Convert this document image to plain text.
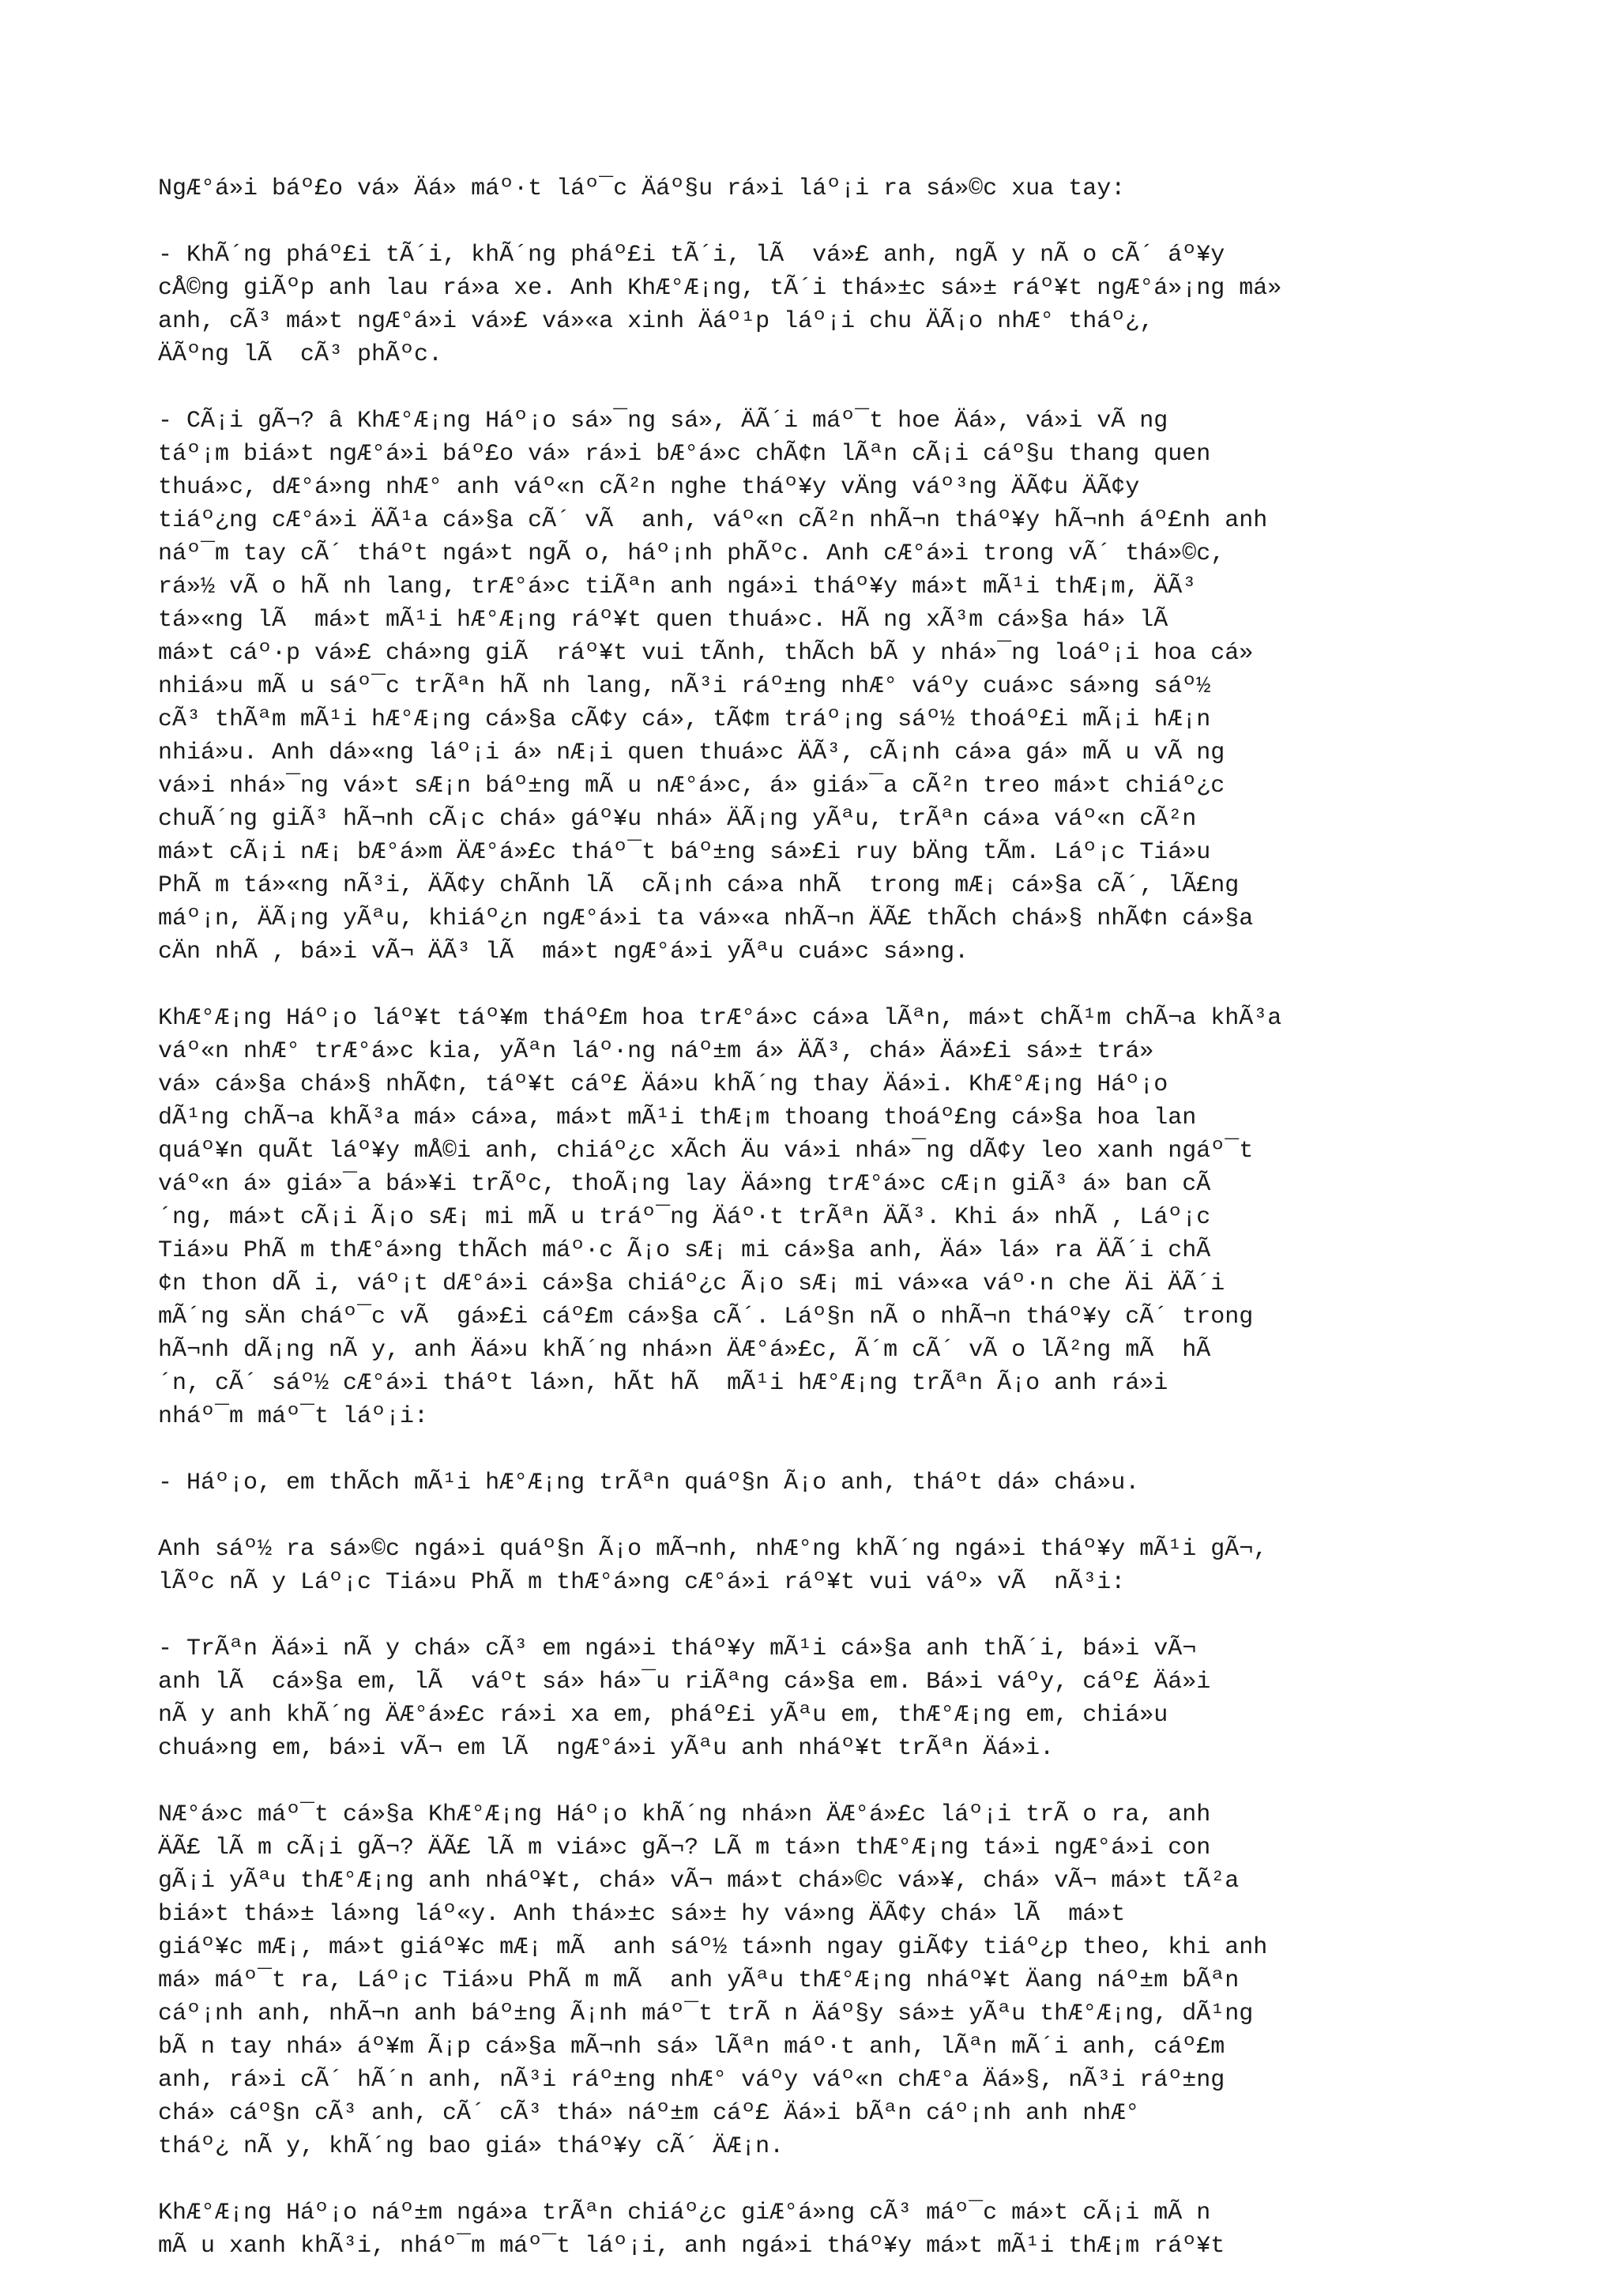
NgÆ°á»i báº£o vá» Äá» máº·t láº¯c Äáº§u rá»i láº¡i ra sá»©c xua tay:
- KhÃ´ng pháº£i tÃ´i, khÃ´ng pháº£i tÃ´i, lÃ  vá»£ anh, ngÃ y nÃ o cÃ´ áº¥y
cÅ©ng giÃºp anh lau rá»a xe. Anh KhÆ°Æ¡ng, tÃ´i thá»±c sá»± ráº¥t ngÆ°á»¡ng má»
anh, cÃ³ má»t ngÆ°á»i vá»£ vá»«a xinh Äáº¹p láº¡i chu ÄÃ¡o nhÆ° tháº¿,
ÄÃºng lÃ  cÃ³ phÃºc.
- CÃ¡i gÃ¬? â KhÆ°Æ¡ng Háº¡o sá»¯ng sá», ÄÃ´i máº¯t hoe Äá», vá»i vÃ ng
táº¡m biá»t ngÆ°á»i báº£o vá» rá»i bÆ°á»c chÃ¢n lÃªn cÃ¡i cáº§u thang quen
thuá»c, dÆ°á»ng nhÆ° anh váº«n cÃ²n nghe tháº¥y vÄng váº³ng ÄÃ¢u ÄÃ¢y
tiáº¿ng cÆ°á»i ÄÃ¹a cá»§a cÃ´ vÃ  anh, váº«n cÃ²n nhÃ¬n tháº¥y hÃ¬nh áº£nh anh
náº¯m tay cÃ´ tháºt ngá»t ngÃ o, háº¡nh phÃºc. Anh cÆ°á»i trong vÃ´ thá»©c,
rá»½ vÃ o hÃ nh lang, trÆ°á»c tiÃªn anh ngá»i tháº¥y má»t mÃ¹i thÆ¡m, ÄÃ³
tá»«ng lÃ  má»t mÃ¹i hÆ°Æ¡ng ráº¥t quen thuá»c. HÃ ng xÃ³m cá»§a há» lÃ
má»t cáº·p vá»£ chá»ng giÃ  ráº¥t vui tÃnh, thÃch bÃ y nhá»¯ng loáº¡i hoa cá»
nhiá»u mÃ u sáº¯c trÃªn hÃ nh lang, nÃ³i ráº±ng nhÆ° váºy cuá»c sá»ng sáº½
cÃ³ thÃªm mÃ¹i hÆ°Æ¡ng cá»§a cÃ¢y cá», tÃ¢m tráº¡ng sáº½ thoáº£i mÃ¡i hÆ¡n
nhiá»u. Anh dá»«ng láº¡i á» nÆ¡i quen thuá»c ÄÃ³, cÃ¡nh cá»a gá» mÃ u vÃ ng
vá»i nhá»¯ng vá»t sÆ¡n báº±ng mÃ u nÆ°á»c, á» giá»¯a cÃ²n treo má»t chiáº¿c
chuÃ´ng giÃ³ hÃ¬nh cÃ¡c chá» gáº¥u nhá» ÄÃ¡ng yÃªu, trÃªn cá»a váº«n cÃ²n
má»t cÃ¡i nÆ¡ bÆ°á»m ÄÆ°á»£c tháº¯t báº±ng sá»£i ruy bÄng tÃm. Láº¡c Tiá»u
PhÃ m tá»«ng nÃ³i, ÄÃ¢y chÃnh lÃ  cÃ¡nh cá»a nhÃ  trong mÆ¡ cá»§a cÃ´, lÃ£ng
máº¡n, ÄÃ¡ng yÃªu, khiáº¿n ngÆ°á»i ta vá»«a nhÃ¬n ÄÃ£ thÃch chá»§ nhÃ¢n cá»§a
cÄn nhÃ , bá»i vÃ¬ ÄÃ³ lÃ  má»t ngÆ°á»i yÃªu cuá»c sá»ng.
KhÆ°Æ¡ng Háº¡o láº¥t táº¥m tháº£m hoa trÆ°á»c cá»a lÃªn, má»t chÃ¹m chÃ¬a khÃ³a
váº«n nhÆ° trÆ°á»c kia, yÃªn láº·ng náº±m á» ÄÃ³, chá» Äá»£i sá»± trá»
vá» cá»§a chá»§ nhÃ¢n, táº¥t cáº£ Äá»u khÃ´ng thay Äá»i. KhÆ°Æ¡ng Háº¡o
dÃ¹ng chÃ¬a khÃ³a má» cá»a, má»t mÃ¹i thÆ¡m thoang thoáº£ng cá»§a hoa lan
quáº¥n quÃt láº¥y mÅ©i anh, chiáº¿c xÃch Äu vá»i nhá»¯ng dÃ¢y leo xanh ngáº¯t
váº«n á» giá»¯a bá»¥i trÃºc, thoÃ¡ng lay Äá»ng trÆ°á»c cÆ¡n giÃ³ á» ban cÃ
´ng, má»t cÃ¡i Ã¡o sÆ¡ mi mÃ u tráº¯ng Äáº·t trÃªn ÄÃ³. Khi á» nhÃ , Láº¡c
Tiá»u PhÃ m thÆ°á»ng thÃch máº·c Ã¡o sÆ¡ mi cá»§a anh, Äá» lá» ra ÄÃ´i chÃ
¢n thon dÃ i, váº¡t dÆ°á»i cá»§a chiáº¿c Ã¡o sÆ¡ mi vá»«a váº·n che Äi ÄÃ´i
mÃ´ng sÄn cháº¯c vÃ  gá»£i cáº£m cá»§a cÃ´. Láº§n nÃ o nhÃ¬n tháº¥y cÃ´ trong
hÃ¬nh dÃ¡ng nÃ y, anh Äá»u khÃ´ng nhá»n ÄÆ°á»£c, Ã´m cÃ´ vÃ o lÃ²ng mÃ  hÃ
´n, cÃ´ sáº½ cÆ°á»i tháºt lá»n, hÃt hÃ  mÃ¹i hÆ°Æ¡ng trÃªn Ã¡o anh rá»i
nháº¯m máº¯t láº¡i:
- Háº¡o, em thÃch mÃ¹i hÆ°Æ¡ng trÃªn quáº§n Ã¡o anh, tháºt dá» chá»u.
Anh sáº½ ra sá»©c ngá»i quáº§n Ã¡o mÃ¬nh, nhÆ°ng khÃ´ng ngá»i tháº¥y mÃ¹i gÃ¬,
lÃºc nÃ y Láº¡c Tiá»u PhÃ m thÆ°á»ng cÆ°á»i ráº¥t vui váº» vÃ  nÃ³i:
- TrÃªn Äá»i nÃ y chá» cÃ³ em ngá»i tháº¥y mÃ¹i cá»§a anh thÃ´i, bá»i vÃ¬
anh lÃ  cá»§a em, lÃ  váºt sá» há»¯u riÃªng cá»§a em. Bá»i váºy, cáº£ Äá»i
nÃ y anh khÃ´ng ÄÆ°á»£c rá»i xa em, pháº£i yÃªu em, thÆ°Æ¡ng em, chiá»u
chuá»ng em, bá»i vÃ¬ em lÃ  ngÆ°á»i yÃªu anh nháº¥t trÃªn Äá»i.
NÆ°á»c máº¯t cá»§a KhÆ°Æ¡ng Háº¡o khÃ´ng nhá»n ÄÆ°á»£c láº¡i trÃ o ra, anh
ÄÃ£ lÃ m cÃ¡i gÃ¬? ÄÃ£ lÃ m viá»c gÃ¬? LÃ m tá»n thÆ°Æ¡ng tá»i ngÆ°á»i con
gÃ¡i yÃªu thÆ°Æ¡ng anh nháº¥t, chá» vÃ¬ má»t chá»©c vá»¥, chá» vÃ¬ má»t tÃ²a
biá»t thá»± lá»ng láº«y. Anh thá»±c sá»± hy vá»ng ÄÃ¢y chá» lÃ  má»t
giáº¥c mÆ¡, má»t giáº¥c mÆ¡ mÃ  anh sáº½ tá»nh ngay giÃ¢y tiáº¿p theo, khi anh
má» máº¯t ra, Láº¡c Tiá»u PhÃ m mÃ  anh yÃªu thÆ°Æ¡ng nháº¥t Äang náº±m bÃªn
cáº¡nh anh, nhÃ¬n anh báº±ng Ã¡nh máº¯t trÃ n Äáº§y sá»± yÃªu thÆ°Æ¡ng, dÃ¹ng
bÃ n tay nhá» áº¥m Ã¡p cá»§a mÃ¬nh sá» lÃªn máº·t anh, lÃªn mÃ´i anh, cáº£m
anh, rá»i cÃ´ hÃ´n anh, nÃ³i ráº±ng nhÆ° váºy váº«n chÆ°a Äá»§, nÃ³i ráº±ng
chá» cáº§n cÃ³ anh, cÃ´ cÃ³ thá» náº±m cáº£ Äá»i bÃªn cáº¡nh anh nhÆ°
tháº¿ nÃ y, khÃ´ng bao giá» tháº¥y cÃ´ ÄÆ¡n.
KhÆ°Æ¡ng Háº¡o náº±m ngá»a trÃªn chiáº¿c giÆ°á»ng cÃ³ máº¯c má»t cÃ¡i mÃ n
mÃ u xanh khÃ³i, nháº¯m máº¯t láº¡i, anh ngá»i tháº¥y má»t mÃ¹i thÆ¡m ráº¥t
